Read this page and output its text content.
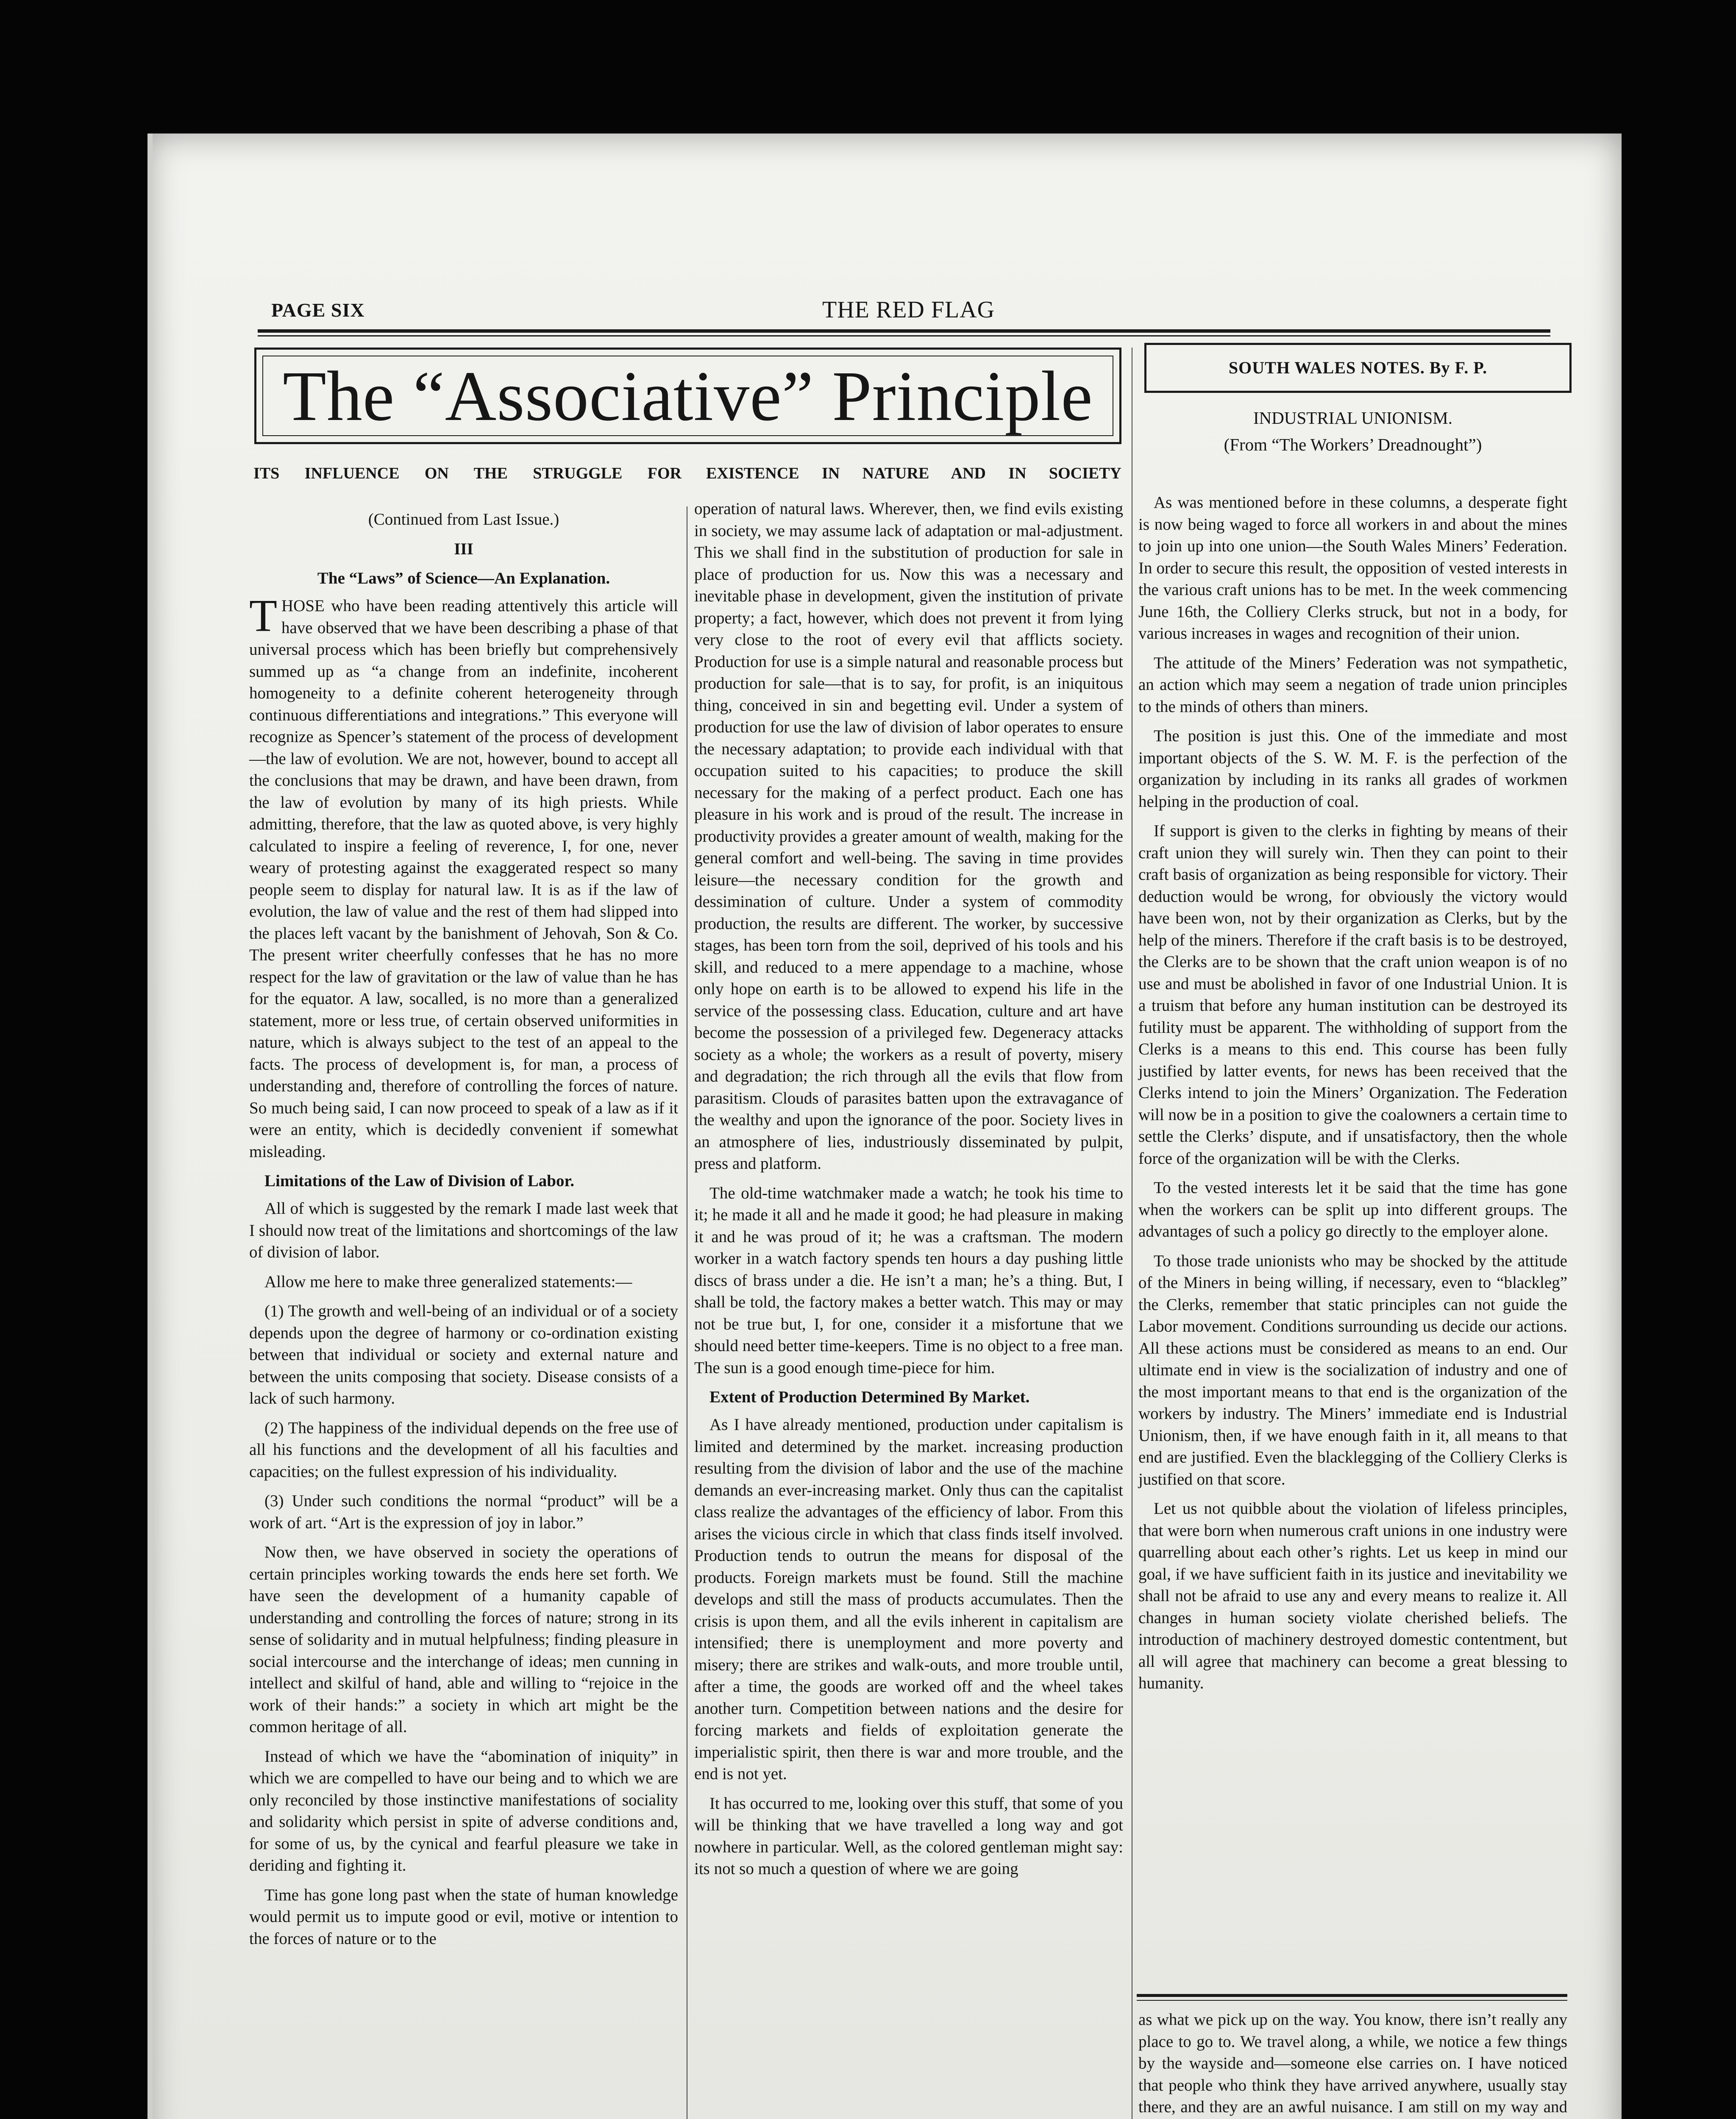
PAGE SIX	THE RED FLAG
The “Associative” Principle
ITS INFLUENCE ON THE STRUGGLE FOR EXISTENCE IN NATURE AND IN SOCIETY

(Continued from Last Issue.)

III

The “Laws” of Science—An Explanation.

THOSE who have been reading attentively this article will have observed that we have been describing a phase of that universal process which has been briefly but comprehensively summed up as “a change from an indefinite, incoherent homogeneity to a definite coherent heterogeneity through continuous differentiations and integrations.” This everyone will recognize as Spencer’s statement of the process of development—the law of evolution. We are not, however, bound to accept all the conclusions that may be drawn, and have been drawn, from the law of evolution by many of its high priests. While admitting, therefore, that the law as quoted above, is very highly calculated to inspire a feeling of reverence, I, for one, never weary of protesting against the exaggerated respect so many people seem to display for natural law. It is as if the law of evolution, the law of value and the rest of them had slipped into the places left vacant by the banishment of Jehovah, Son & Co. The present writer cheerfully confesses that he has no more respect for the law of gravitation or the law of value than he has for the equator. A law, socalled, is no more than a generalized statement, more or less true, of certain observed uniformities in nature, which is always subject to the test of an appeal to the facts. The process of development is, for man, a process of understanding and, therefore of controlling the forces of nature. So much being said, I can now proceed to speak of a law as if it were an entity, which is decidedly convenient if somewhat misleading.

Limitations of the Law of Division of Labor.

All of which is suggested by the remark I made last week that I should now treat of the limitations and shortcomings of the law of division of labor.

Allow me here to make three generalized statements:—

(1) The growth and well-being of an individual or of a society depends upon the degree of harmony or co-ordination existing between that individual or society and external nature and between the units composing that society. Disease consists of a lack of such harmony.

(2) The happiness of the individual depends on the free use of all his functions and the development of all his faculties and capacities; on the fullest expression of his individuality.

(3) Under such conditions the normal “product” will be a work of art. “Art is the expression of joy in labor.”

Now then, we have observed in society the operations of certain principles working towards the ends here set forth. We have seen the development of a humanity capable of understanding and controlling the forces of nature; strong in its sense of solidarity and in mutual helpfulness; finding pleasure in social intercourse and the interchange of ideas; men cunning in intellect and skilful of hand, able and willing to “rejoice in the work of their hands:” a society in which art might be the common heritage of all.

Instead of which we have the “abomination of iniquity” in which we are compelled to have our being and to which we are only reconciled by those instinctive manifestations of sociality and solidarity which persist in spite of adverse conditions and, for some of us, by the cynical and fearful pleasure we take in deriding and fighting it.

Time has gone long past when the state of human knowledge would permit us to impute good or evil, motive or intention to the forces of nature or to the

operation of natural laws. Wherever, then, we find evils existing in society, we may assume lack of adaptation or mal-adjustment. This we shall find in the substitution of production for sale in place of production for us. Now this was a necessary and inevitable phase in development, given the institution of private property; a fact, however, which does not prevent it from lying very close to the root of every evil that afflicts society. Production for use is a simple natural and reasonable process but production for sale—that is to say, for profit, is an iniquitous thing, conceived in sin and begetting evil. Under a system of production for use the law of division of labor operates to ensure the necessary adaptation; to provide each individual with that occupation suited to his capacities; to produce the skill necessary for the making of a perfect product. Each one has pleasure in his work and is proud of the result. The increase in productivity provides a greater amount of wealth, making for the general comfort and well-being. The saving in time provides leisure—the necessary condition for the growth and dessimination of culture. Under a system of commodity production, the results are different. The worker, by successive stages, has been torn from the soil, deprived of his tools and his skill, and reduced to a mere appendage to a machine, whose only hope on earth is to be allowed to expend his life in the service of the possessing class. Education, culture and art have become the possession of a privileged few. Degeneracy attacks society as a whole; the workers as a result of poverty, misery and degradation; the rich through all the evils that flow from parasitism. Clouds of parasites batten upon the extravagance of the wealthy and upon the ignorance of the poor. Society lives in an atmosphere of lies, industriously disseminated by pulpit, press and platform.

The old-time watchmaker made a watch; he took his time to it; he made it all and he made it good; he had pleasure in making it and he was proud of it; he was a craftsman. The modern worker in a watch factory spends ten hours a day pushing little discs of brass under a die. He isn’t a man; he’s a thing. But, I shall be told, the factory makes a better watch. This may or may not be true but, I, for one, consider it a misfortune that we should need better time-keepers. Time is no object to a free man. The sun is a good enough time-piece for him.

Extent of Production Determined By Market.

As I have already mentioned, production under capitalism is limited and determined by the market. increasing production resulting from the division of labor and the use of the machine demands an ever-increasing market. Only thus can the capitalist class realize the advantages of the efficiency of labor. From this arises the vicious circle in which that class finds itself involved. Production tends to outrun the means for disposal of the products. Foreign markets must be found. Still the machine develops and still the mass of products accumulates. Then the crisis is upon them, and all the evils inherent in capitalism are intensified; there is unemployment and more poverty and misery; there are strikes and walk-outs, and more trouble until, after a time, the goods are worked off and the wheel takes another turn. Competition between nations and the desire for forcing markets and fields of exploitation generate the imperialistic spirit, then there is war and more trouble, and the end is not yet.

It has occurred to me, looking over this stuff, that some of you will be thinking that we have travelled a long way and got nowhere in particular. Well, as the colored gentleman might say: its not so much a question of where we are going

SOUTH WALES NOTES. By F. P.
INDUSTRIAL UNIONISM.
(From “The Workers’ Dreadnought”)

As was mentioned before in these columns, a desperate fight is now being waged to force all workers in and about the mines to join up into one union—the South Wales Miners’ Federation. In order to secure this result, the opposition of vested interests in the various craft unions has to be met. In the week commencing June 16th, the Colliery Clerks struck, but not in a body, for various increases in wages and recognition of their union.

The attitude of the Miners’ Federation was not sympathetic, an action which may seem a negation of trade union principles to the minds of others than miners.

The position is just this. One of the immediate and most important objects of the S. W. M. F. is the perfection of the organization by including in its ranks all grades of workmen helping in the production of coal.

If support is given to the clerks in fighting by means of their craft union they will surely win. Then they can point to their craft basis of organization as being responsible for victory. Their deduction would be wrong, for obviously the victory would have been won, not by their organization as Clerks, but by the help of the miners. Therefore if the craft basis is to be destroyed, the Clerks are to be shown that the craft union weapon is of no use and must be abolished in favor of one Industrial Union. It is a truism that before any human institution can be destroyed its futility must be apparent. The withholding of support from the Clerks is a means to this end. This course has been fully justified by latter events, for news has been received that the Clerks intend to join the Miners’ Organization. The Federation will now be in a position to give the coalowners a certain time to settle the Clerks’ dispute, and if unsatisfactory, then the whole force of the organization will be with the Clerks.

To the vested interests let it be said that the time has gone when the workers can be split up into different groups. The advantages of such a policy go directly to the employer alone.

To those trade unionists who may be shocked by the attitude of the Miners in being willing, if necessary, even to “blackleg” the Clerks, remember that static principles can not guide the Labor movement. Conditions surrounding us decide our actions. All these actions must be considered as means to an end. Our ultimate end in view is the socialization of industry and one of the most important means to that end is the organization of the workers by industry. The Miners’ immediate end is Industrial Unionism, then, if we have enough faith in it, all means to that end are justified. Even the blacklegging of the Colliery Clerks is justified on that score.

Let us not quibble about the violation of lifeless principles, that were born when numerous craft unions in one industry were quarrelling about each other’s rights. Let us keep in mind our goal, if we have sufficient faith in its justice and inevitability we shall not be afraid to use any and every means to realize it. All changes in human society violate cherished beliefs. The introduction of machinery destroyed domestic contentment, but all will agree that machinery can become a great blessing to humanity.

as what we pick up on the way. You know, there isn’t really any place to go to. We travel along, a while, we notice a few things by the wayside and—someone else carries on. I have noticed that people who think they have arrived anywhere, usually stay there, and they are an awful nuisance. I am still on my way and
